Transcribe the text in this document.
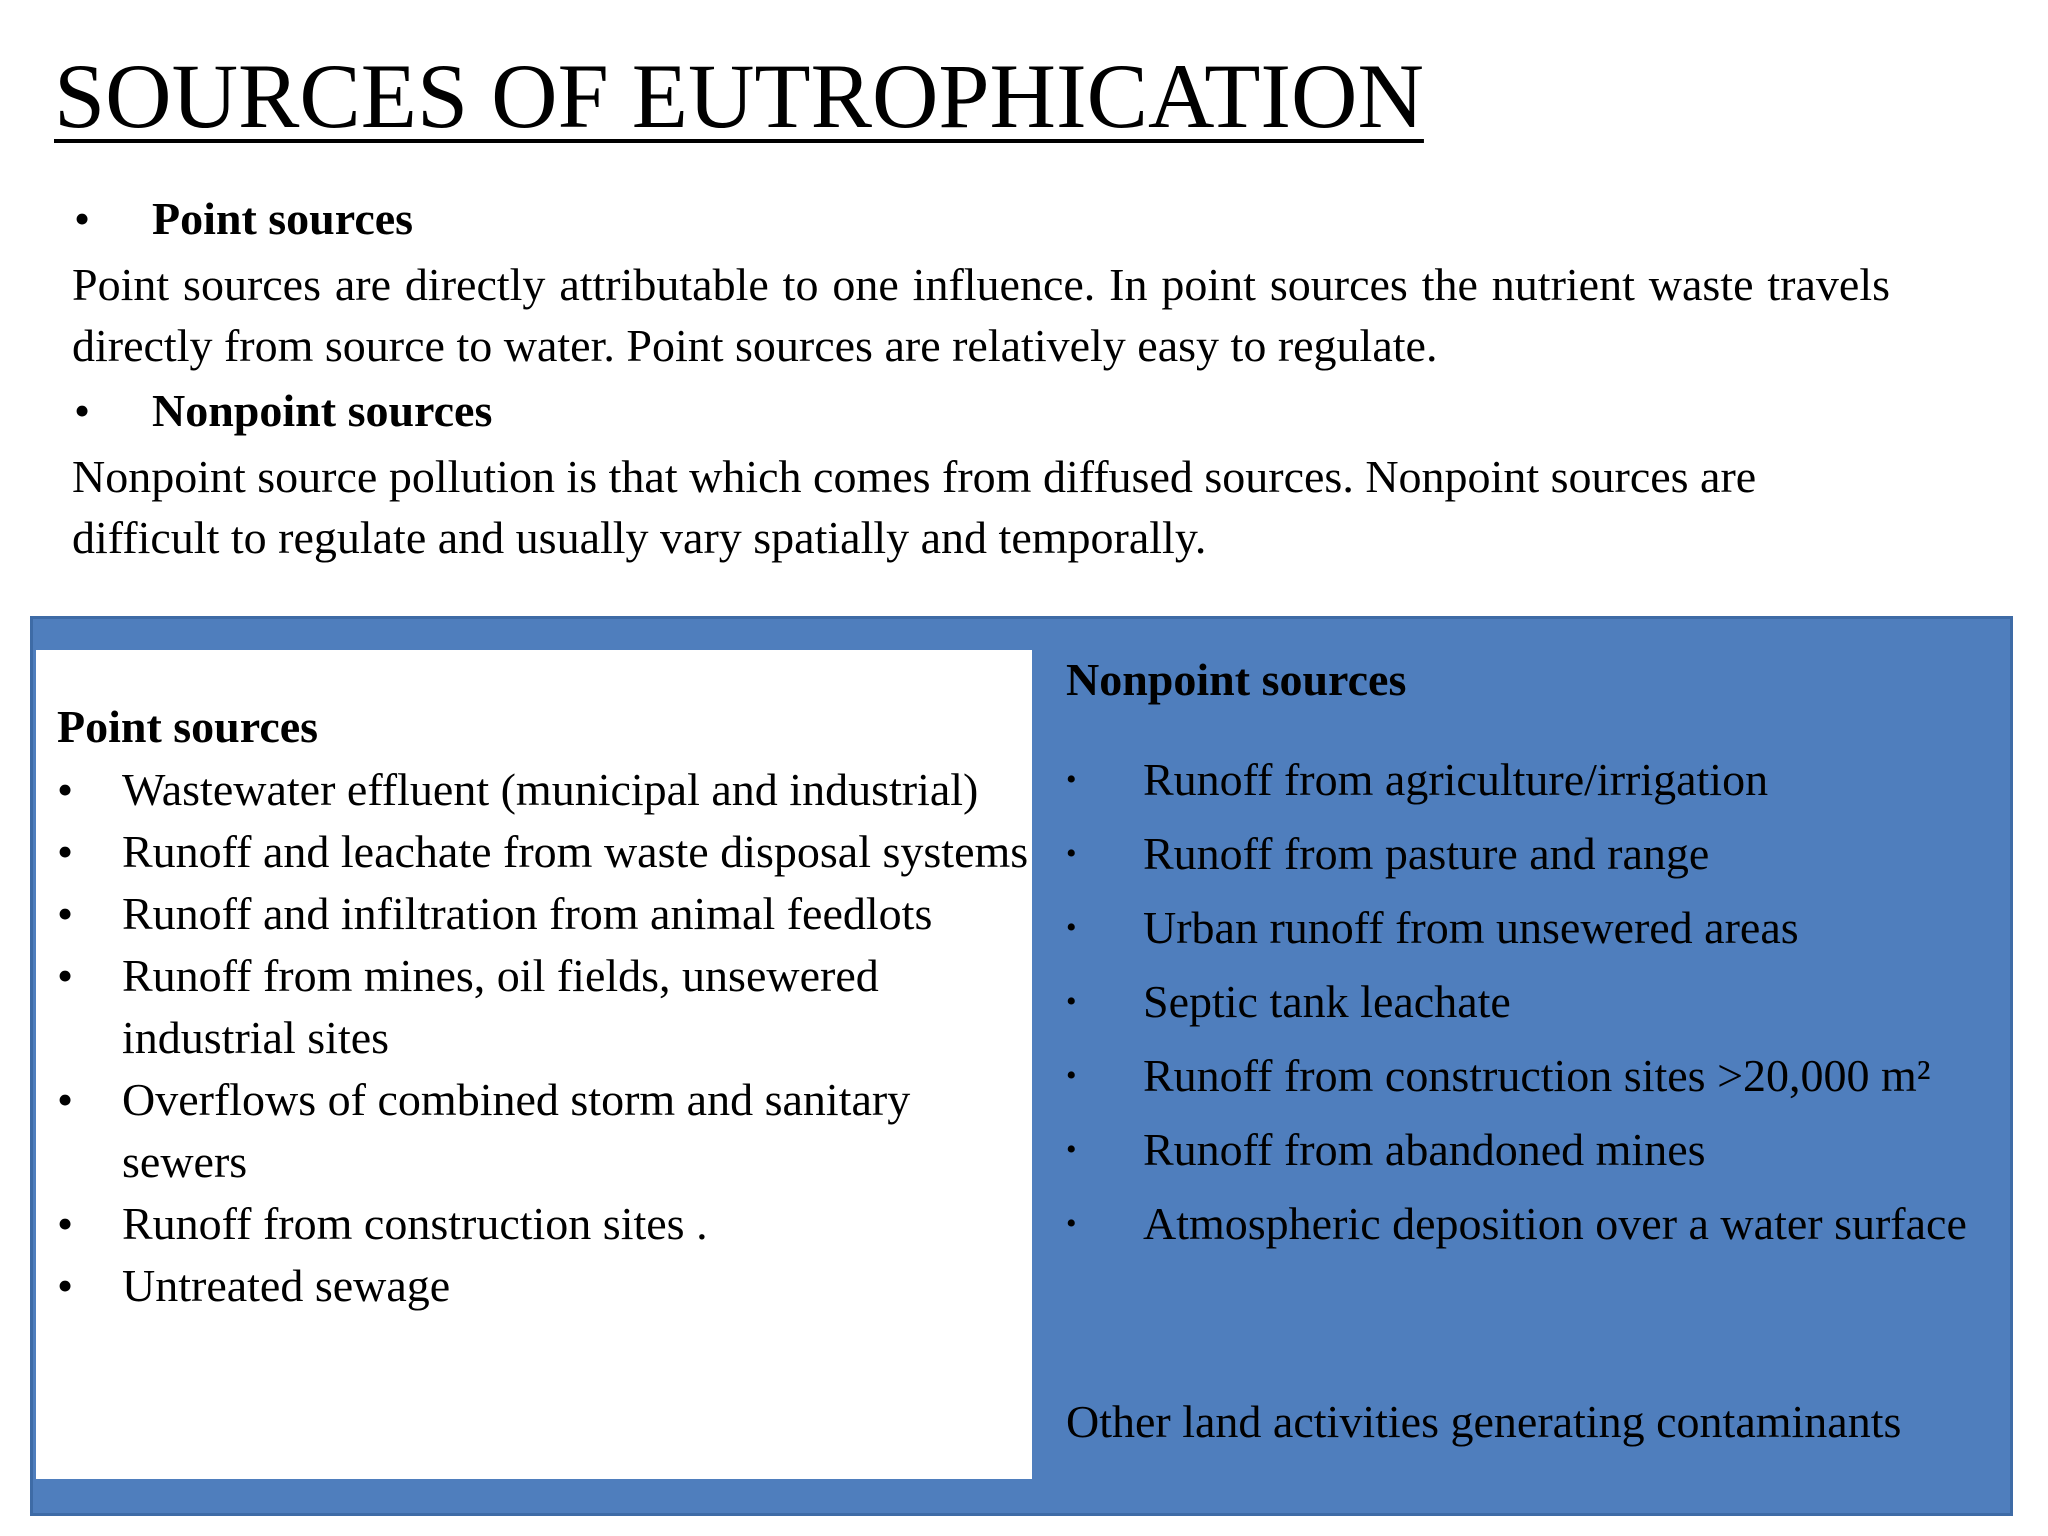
SOURCES OF EUTROPHICATION
•	Point sources

Point sources are directly attributable to one influence. In point sources the nutrient waste travels directly from source to water. Point sources are relatively easy to regulate.

•	Nonpoint sources

Nonpoint source pollution is that which comes from diffused sources. Nonpoint sources are difficult to regulate and usually vary spatially and temporally.

Point sources
•	Wastewater effluent (municipal and industrial)
•	Runoff and leachate from waste disposal systems
•	Runoff and infiltration from animal feedlots
•	Runoff from mines, oil fields, unsewered industrial sites
•	Overflows of combined storm and sanitary sewers
•	Runoff from construction sites .
•	Untreated sewage
Nonpoint sources
•	Runoff from agriculture/irrigation
•	Runoff from pasture and range
•	Urban runoff from unsewered areas
•	Septic tank leachate
•	Runoff from construction sites >20,000 m²
•	Runoff from abandoned mines
•	Atmospheric deposition over a water surface
Other land activities generating contaminants
